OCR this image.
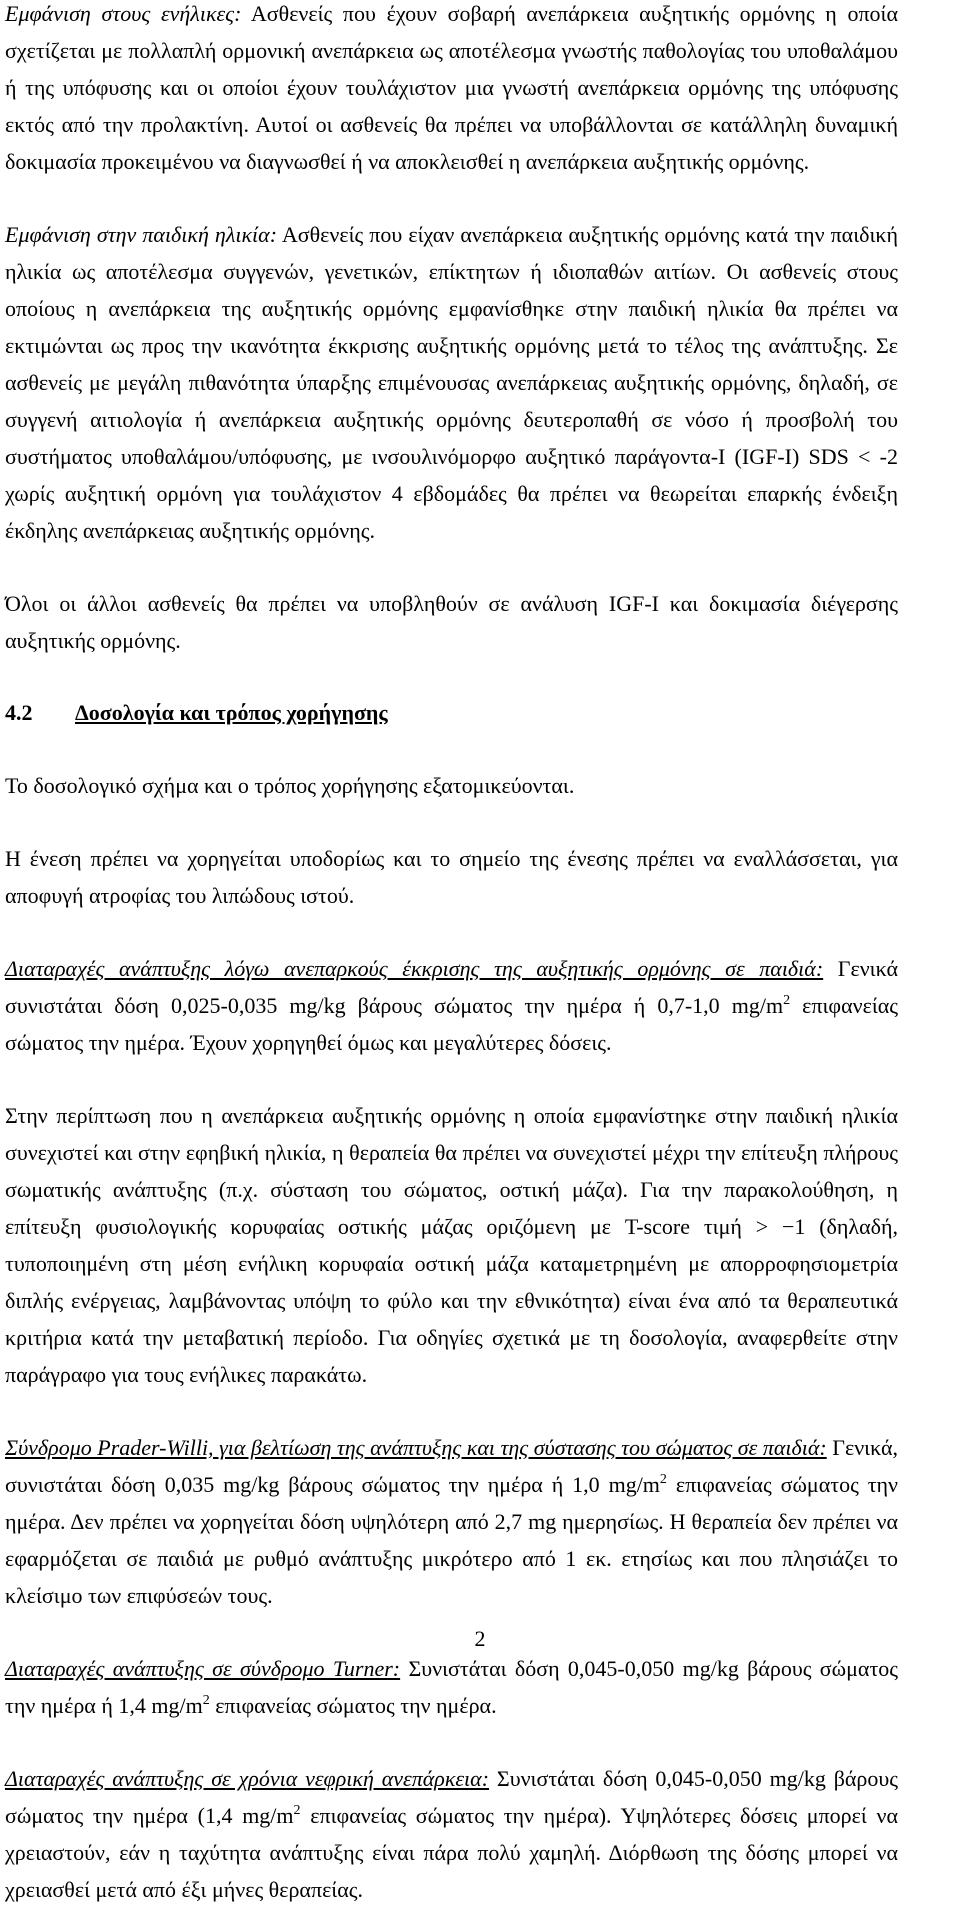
Εμφάνιση στους ενήλικες: Ασθενείς που έχουν σοβαρή ανεπάρκεια αυξητικής ορμόνης η οποία σχετίζεται με πολλαπλή ορμονική ανεπάρκεια ως αποτέλεσμα γνωστής παθολογίας του υποθαλάμου ή της υπόφυσης και οι οποίοι έχουν τουλάχιστον μια γνωστή ανεπάρκεια ορμόνης της υπόφυσης εκτός από την προλακτίνη. Αυτοί οι ασθενείς θα πρέπει να υποβάλλονται σε κατάλληλη δυναμική δοκιμασία προκειμένου να διαγνωσθεί ή να αποκλεισθεί η ανεπάρκεια αυξητικής ορμόνης.

Εμφάνιση στην παιδική ηλικία: Ασθενείς που είχαν ανεπάρκεια αυξητικής ορμόνης κατά την παιδική ηλικία ως αποτέλεσμα συγγενών, γενετικών, επίκτητων ή ιδιοπαθών αιτίων. Οι ασθενείς στους οποίους η ανεπάρκεια της αυξητικής ορμόνης εμφανίσθηκε στην παιδική ηλικία θα πρέπει να εκτιμώνται ως προς την ικανότητα έκκρισης αυξητικής ορμόνης μετά το τέλος της ανάπτυξης. Σε ασθενείς με μεγάλη πιθανότητα ύπαρξης επιμένουσας ανεπάρκειας αυξητικής ορμόνης, δηλαδή, σε συγγενή αιτιολογία ή ανεπάρκεια αυξητικής ορμόνης δευτεροπαθή σε νόσο ή προσβολή του συστήματος υποθαλάμου/υπόφυσης, με ινσουλινόμορφο αυξητικό παράγοντα-Ι (IGF-I) SDS < -2 χωρίς αυξητική ορμόνη για τουλάχιστον 4 εβδομάδες θα πρέπει να θεωρείται επαρκής ένδειξη έκδηλης ανεπάρκειας αυξητικής ορμόνης.

Όλοι οι άλλοι ασθενείς θα πρέπει να υποβληθούν σε ανάλυση IGF-I και δοκιμασία διέγερσης αυξητικής ορμόνης.

4.2	Δοσολογία και τρόπος χορήγησης

Το δοσολογικό σχήμα και ο τρόπος χορήγησης εξατομικεύονται.

Η ένεση πρέπει να χορηγείται υποδορίως και το σημείο της ένεσης πρέπει να εναλλάσσεται, για αποφυγή ατροφίας του λιπώδους ιστού.

Διαταραχές ανάπτυξης λόγω ανεπαρκούς έκκρισης της αυξητικής ορμόνης σε παιδιά: Γενικά συνιστάται δόση 0,025-0,035 mg/kg βάρους σώματος την ημέρα ή 0,7-1,0 $mg/m^2$ επιφανείας σώματος την ημέρα. Έχουν χορηγηθεί όμως και μεγαλύτερες δόσεις.

Στην περίπτωση που η ανεπάρκεια αυξητικής ορμόνης η οποία εμφανίστηκε στην παιδική ηλικία συνεχιστεί και στην εφηβική ηλικία, η θεραπεία θα πρέπει να συνεχιστεί μέχρι την επίτευξη πλήρους σωματικής ανάπτυξης (π.χ. σύσταση του σώματος, οστική μάζα). Για την παρακολούθηση, η επίτευξη φυσιολογικής κορυφαίας οστικής μάζας οριζόμενη με T-score τιμή > −1 (δηλαδή, τυποποιημένη στη μέση ενήλικη κορυφαία οστική μάζα καταμετρημένη με απορροφησιομετρία διπλής ενέργειας, λαμβάνοντας υπόψη το φύλο και την εθνικότητα) είναι ένα από τα θεραπευτικά κριτήρια κατά την μεταβατική περίοδο. Για οδηγίες σχετικά με τη δοσολογία, αναφερθείτε στην παράγραφο για τους ενήλικες παρακάτω.

Σύνδρομο Prader-Willi, για βελτίωση της ανάπτυξης και της σύστασης του σώματος σε παιδιά: Γενικά, συνιστάται δόση 0,035 mg/kg βάρους σώματος την ημέρα ή 1,0 $mg/m^2$ επιφανείας σώματος την ημέρα. Δεν πρέπει να χορηγείται δόση υψηλότερη από 2,7 mg ημερησίως. Η θεραπεία δεν πρέπει να εφαρμόζεται σε παιδιά με ρυθμό ανάπτυξης μικρότερο από 1 εκ. ετησίως και που πλησιάζει το κλείσιμο των επιφύσεών τους.

Διαταραχές ανάπτυξης σε σύνδρομο Turner: Συνιστάται δόση 0,045-0,050 mg/kg βάρους σώματος την ημέρα ή 1,4 $mg/m^2$ επιφανείας σώματος την ημέρα.

Διαταραχές ανάπτυξης σε χρόνια νεφρική ανεπάρκεια: Συνιστάται δόση 0,045-0,050 mg/kg βάρους σώματος την ημέρα (1,4 $mg/m^2$ επιφανείας σώματος την ημέρα). Υψηλότερες δόσεις μπορεί να χρειαστούν, εάν η ταχύτητα ανάπτυξης είναι πάρα πολύ χαμηλή. Διόρθωση της δόσης μπορεί να χρειασθεί μετά από έξι μήνες θεραπείας.

2
